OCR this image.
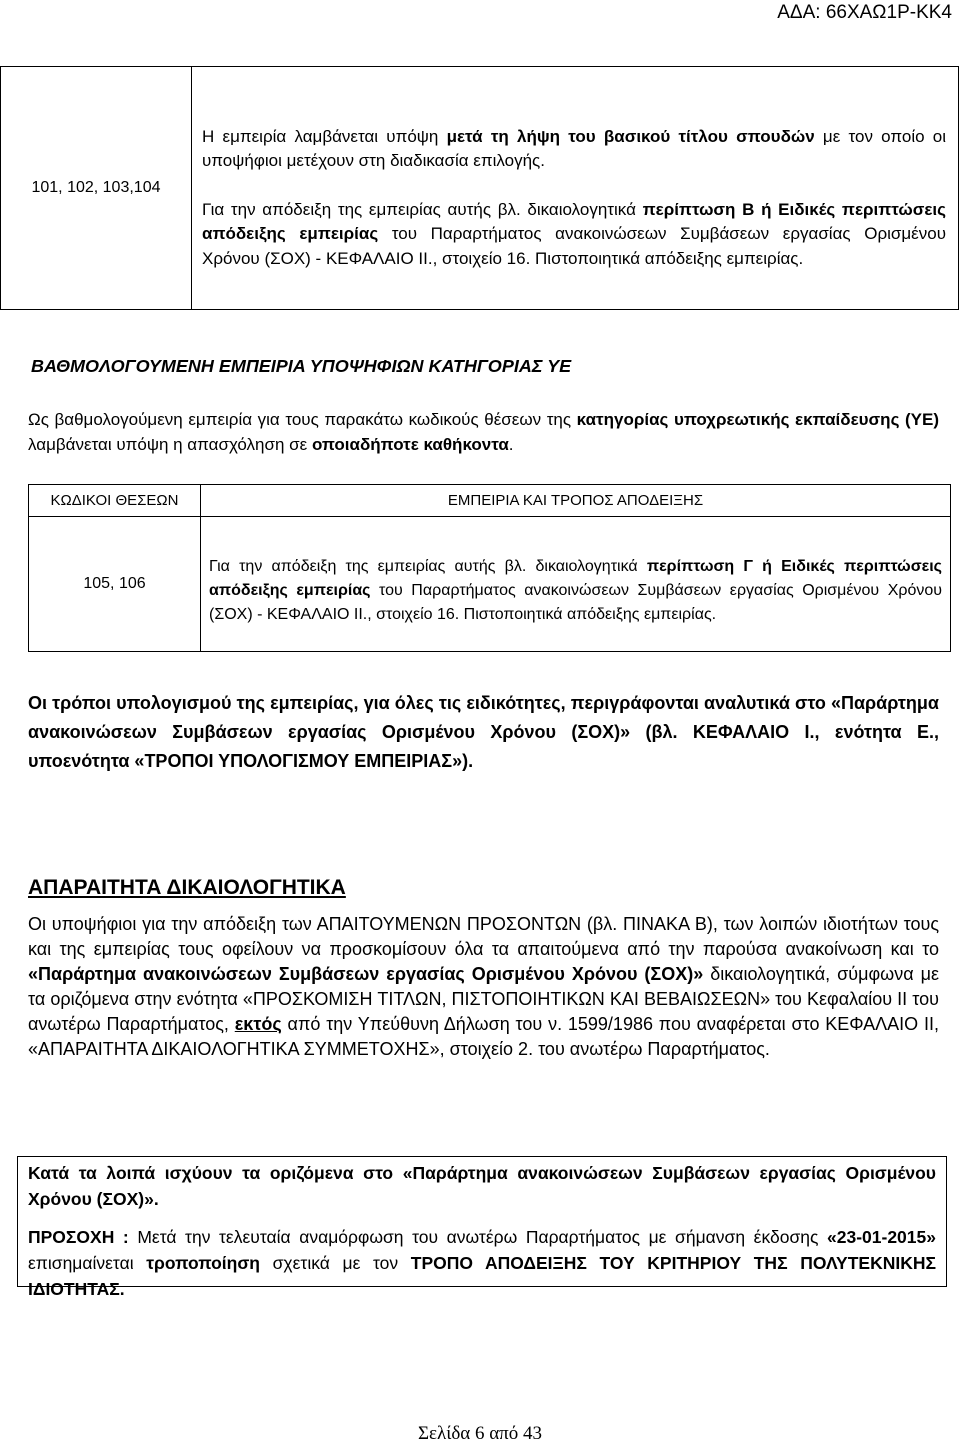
ΑΔΑ: 66ΧΑΩ1Ρ-ΚΚ4
101, 102, 103,104	
Η εμπειρία λαμβάνεται υπόψη μετά τη λήψη του βασικού τίτλου σπουδών με τον οποίο οι υποψήφιοι μετέχουν στη διαδικασία επιλογής.
Για την απόδειξη της εμπειρίας αυτής βλ. δικαιολογητικά περίπτωση Β ή Ειδικές περιπτώσεις απόδειξης εμπειρίας του Παραρτήματος ανακοινώσεων Συμβάσεων εργασίας Ορισμένου Χρόνου (ΣΟΧ) - ΚΕΦΑΛΑΙΟ ΙΙ., στοιχείο 16. Πιστοποιητικά απόδειξης εμπειρίας.
ΒΑΘΜΟΛΟΓΟΥΜΕΝΗ ΕΜΠΕΙΡΙΑ ΥΠΟΨΗΦΙΩΝ ΚΑΤΗΓΟΡΙΑΣ ΥΕ
Ως βαθμολογούμενη εμπειρία για τους παρακάτω κωδικούς θέσεων της κατηγορίας υποχρεωτικής εκπαίδευσης (ΥΕ) λαμβάνεται υπόψη η απασχόληση σε οποιαδήποτε καθήκοντα.
ΚΩΔΙΚΟΙ ΘΕΣΕΩΝ	ΕΜΠΕΙΡΙΑ ΚΑΙ ΤΡΟΠΟΣ ΑΠΟΔΕΙΞΗΣ
105, 106	Για την απόδειξη της εμπειρίας αυτής βλ. δικαιολογητικά περίπτωση Γ ή Ειδικές περιπτώσεις απόδειξης εμπειρίας του Παραρτήματος ανακοινώσεων Συμβάσεων εργασίας Ορισμένου Χρόνου (ΣΟΧ) - ΚΕΦΑΛΑΙΟ ΙΙ., στοιχείο 16. Πιστοποιητικά απόδειξης εμπειρίας.
Οι τρόποι υπολογισμού της εμπειρίας, για όλες τις ειδικότητες, περιγράφονται αναλυτικά στο «Παράρτημα ανακοινώσεων Συμβάσεων εργασίας Ορισμένου Χρόνου (ΣΟΧ)» (βλ. ΚΕΦΑΛΑΙΟ Ι., ενότητα Ε., υποενότητα «ΤΡΟΠΟΙ ΥΠΟΛΟΓΙΣΜΟΥ ΕΜΠΕΙΡΙΑΣ»).
ΑΠΑΡΑΙΤΗΤΑ ΔΙΚΑΙΟΛΟΓΗΤΙΚΑ
Οι υποψήφιοι για την απόδειξη των ΑΠΑΙΤΟΥΜΕΝΩΝ ΠΡΟΣΟΝΤΩΝ (βλ. ΠΙΝΑΚΑ Β), των λοιπών ιδιοτήτων τους και της εμπειρίας τους οφείλουν να προσκομίσουν όλα τα απαιτούμενα από την παρούσα ανακοίνωση και το «Παράρτημα ανακοινώσεων Συμβάσεων εργασίας Ορισμένου Χρόνου (ΣΟΧ)» δικαιολογητικά, σύμφωνα με τα οριζόμενα στην ενότητα «ΠΡΟΣΚΟΜΙΣΗ ΤΙΤΛΩΝ, ΠΙΣΤΟΠΟΙΗΤΙΚΩΝ ΚΑΙ ΒΕΒΑΙΩΣΕΩΝ» του Κεφαλαίου ΙΙ του ανωτέρω Παραρτήματος, εκτός από την Υπεύθυνη Δήλωση του ν. 1599/1986 που αναφέρεται στο ΚΕΦΑΛΑΙΟ ΙΙ, «ΑΠΑΡΑΙΤΗΤΑ ΔΙΚΑΙΟΛΟΓΗΤΙΚΑ ΣΥΜΜΕΤΟΧΗΣ», στοιχείο 2. του ανωτέρω Παραρτήματος.

Κατά τα λοιπά ισχύουν τα οριζόμενα στο «Παράρτημα ανακοινώσεων Συμβάσεων εργασίας Ορισμένου Χρόνου (ΣΟΧ)».

ΠΡΟΣΟΧΗ : Μετά την τελευταία αναμόρφωση του ανωτέρω Παραρτήματος με σήμανση έκδοσης «23-01-2015» επισημαίνεται τροποποίηση σχετικά με τον ΤΡΟΠΟ ΑΠΟΔΕΙΞΗΣ ΤΟΥ ΚΡΙΤΗΡΙΟΥ ΤΗΣ ΠΟΛΥΤΕΚΝΙΚΗΣ ΙΔΙΟΤΗΤΑΣ.

Σελίδα 6 από 43
